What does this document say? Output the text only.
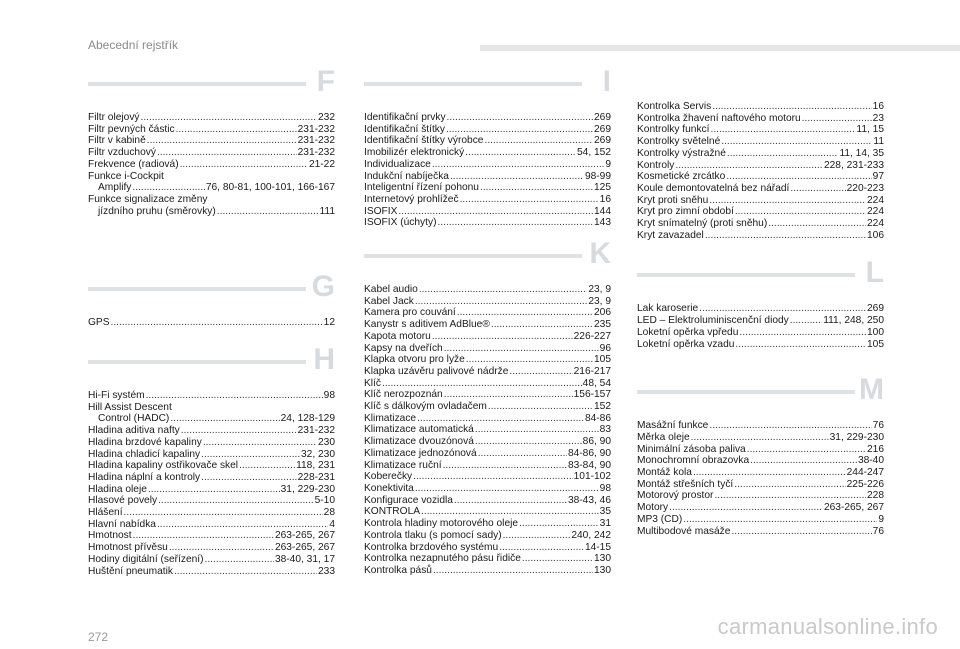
Abecední rejstřík
F
Filtr olejový .....	232
Filtr pevných částic .....	231-232
Filtr v kabině .....	231-232
Filtr vzduchový .....	231-232
Frekvence (radiová) .....	21-22
Funkce i-Cockpit
Amplify .....	76, 80-81, 100-101, 166-167
Funkce signalizace změny
jízdního pruhu (směrovky) .....	111
G
GPS .....	12
H
Hi-Fi systém .....	98
Hill Assist Descent
Control (HADC) .....	24, 128-129
Hladina aditiva nafty .....	231-232
Hladina brzdové kapaliny .....	230
Hladina chladicí kapaliny .....	32, 230
Hladina kapaliny ostřikovače skel .....	118, 231
Hladina náplní a kontroly .....	228-231
Hladina oleje .....	31, 229-230
Hlasové povely .....	5-10
Hlášení .....	28
Hlavní nabídka .....	4
Hmotnost .....	263-265, 267
Hmotnost přívěsu .....	263-265, 267
Hodiny digitální (seřízení) .....	38-40, 31, 17
Huštění pneumatik .....	233
I
Identifikační prvky .....	269
Identifikační štítky .....	269
Identifikační štítky výrobce .....	269
Imobilizér elektronický .....	54, 152
Individualizace .....	9
Indukční nabíječka .....	98-99
Inteligentní řízení pohonu .....	125
Internetový prohlížeč .....	16
ISOFIX .....	144
ISOFIX (úchyty) .....	143
K
Kabel audio .....	23, 9
Kabel Jack .....	23, 9
Kamera pro couvání .....	206
Kanystr s aditivem AdBlue® .....	235
Kapota motoru .....	226-227
Kapsy na dveřích .....	96
Klapka otvoru pro lyže .....	105
Klapka uzávěru palivové nádrže .....	216-217
Klíč .....	48, 54
Klíč nerozpoznán .....	156-157
Klíč s dálkovým ovladačem .....	152
Klimatizace .....	84-86
Klimatizace automatická .....	83
Klimatizace dvouzónová .....	86, 90
Klimatizace jednozónová .....	84-86, 90
Klimatizace ruční .....	83-84, 90
Koberečky .....	101-102
Konektivita .....	98
Konfigurace vozidla .....	38-43, 46
KONTROLA .....	35
Kontrola hladiny motorového oleje .....	31
Kontrola tlaku (s pomocí sady) .....	240, 242
Kontrolka brzdového systému .....	14-15
Kontrolka nezapnutého pásu řidiče .....	130
Kontrolka pásů .....	130
Kontrolka Servis .....	16
Kontrolka žhavení naftového motoru .....	23
Kontrolky funkcí .....	11, 15
Kontrolky světelné .....	11
Kontrolky výstražné .....	11, 14, 35
Kontroly .....	228, 231-233
Kosmetické zrcátko .....	97
Koule demontovatelná bez nářadí .....	220-223
Kryt proti sněhu .....	224
Kryt pro zimní období .....	224
Kryt snímatelný (proti sněhu) .....	224
Kryt zavazadel .....	106
L
Lak karoserie .....	269
LED – Elektroluminiscenční diody .....	111, 248, 250
Loketní opěrka vpředu .....	100
Loketní opěrka vzadu .....	105
M
Masážní funkce .....	76
Měrka oleje .....	31, 229-230
Minimální zásoba paliva .....	216
Monochromní obrazovka .....	38-40
Montáž kola .....	244-247
Montáž střešních tyčí .....	225-226
Motorový prostor .....	228
Motory .....	263-265, 267
MP3 (CD) .....	9
Multibodové masáže .....	76
272	carmanualsonline.info
